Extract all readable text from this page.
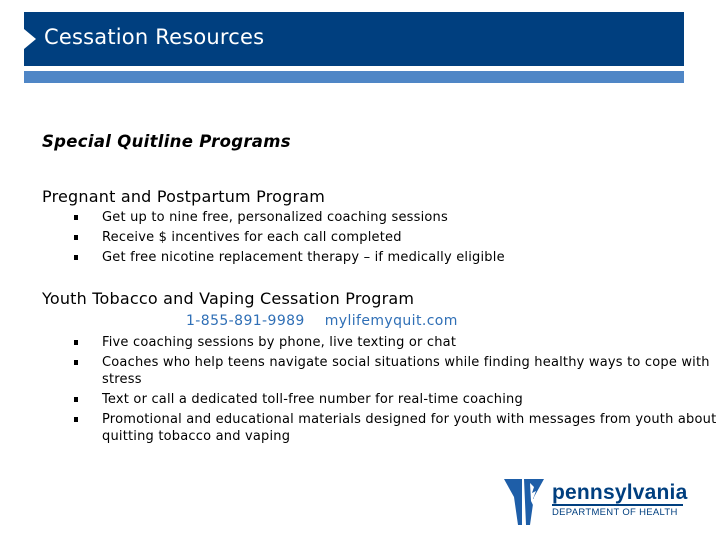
Cessation Resources
Special Quitline Programs
Pregnant and Postpartum Program
Get up to nine free, personalized coaching sessions
Receive $ incentives for each call completed
Get free nicotine replacement therapy – if medically eligible
Youth Tobacco and Vaping Cessation Program
1-855-891-9989 mylifemyquit.com
Five coaching sessions by phone, live texting or chat
Coaches who help teens navigate social situations while finding healthy ways to cope with stress
Text or call a dedicated toll-free number for real-time coaching
Promotional and educational materials designed for youth with messages from youth about quitting tobacco and vaping
pennsylvania
DEPARTMENT OF HEALTH
